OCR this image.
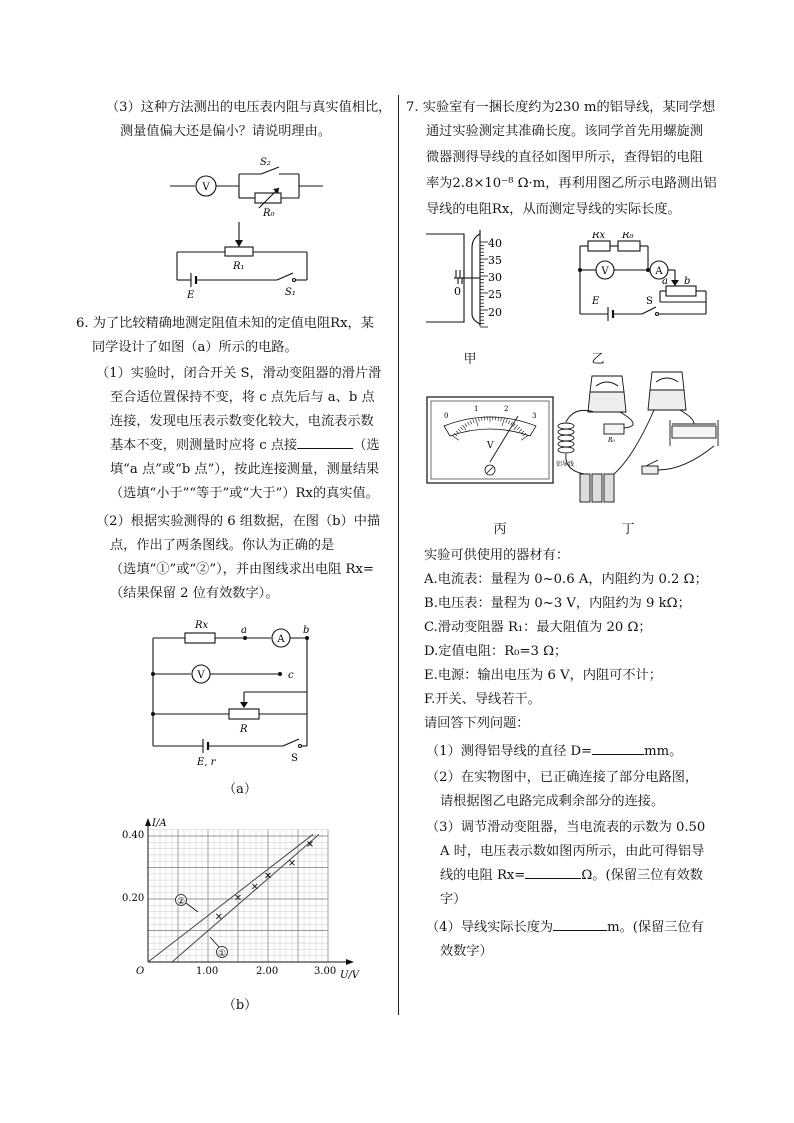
（3）这种方法测出的电压表内阻与真实值相比，
测量值偏大还是偏小？请说明理由。
V
S₂
R₀
R₁
E	S₁
6. 为了比较精确地测定阻值未知的定值电阻Rx，某
同学设计了如图（a）所示的电路。
（1）实验时，闭合开关 S，滑动变阻器的滑片滑
至合适位置保持不变，将 c 点先后与 a、b 点
连接，发现电压表示数变化较大，电流表示数
基本不变，则测量时应将 c 点接	（选
填“a 点”或“b 点”），按此连接测量，测量结果
（选填“小于”“等于”或“大于”）Rx的真实值。
（2）根据实验测得的 6 组数据，在图（b）中描
点，作出了两条图线。你认为正确的是
（选填“①”或“②”），并由图线求出电阻 Rx=
（结果保留 2 位有效数字）。
Rx	a	b
A
V	c
R
E, r	S
（a）
I/A
U/V
O
0.20
0.40
1.00	2.00	3.00
②
①
（b）
7. 实验室有一捆长度约为230 m的铝导线，某同学想
通过实验测定其准确长度。该同学首先用螺旋测
微器测得导线的直径如图甲所示，查得铝的电阻
率为2.8×10⁻⁸ Ω·m，再利用图乙所示电路测出铝
导线的电阻Rx，从而测定导线的实际长度。
40
35
30
25
20
0
甲
Rx R₀
V	A
a b
E	S
乙
0
1	2
3
V
丙
铝导线
R₀
丁
实验可供使用的器材有：
A.电流表：量程为 0~0.6 A，内阻约为 0.2 Ω；
B.电压表：量程为 0~3 V，内阻约为 9 kΩ；
C.滑动变阻器 R₁：最大阻值为 20 Ω；
D.定值电阻：R₀=3 Ω；
E.电源：输出电压为 6 V，内阻可不计；
F.开关、导线若干。
请回答下列问题：
（1）测得铝导线的直径 D=	mm。
（2）在实物图中，已正确连接了部分电路图，
请根据图乙电路完成剩余部分的连接。
（3）调节滑动变阻器，当电流表的示数为 0.50
A 时，电压表示数如图丙所示，由此可得铝导
线的电阻 Rx=	Ω。(保留三位有效数
字）
（4）导线实际长度为	m。(保留三位有
效数字）
